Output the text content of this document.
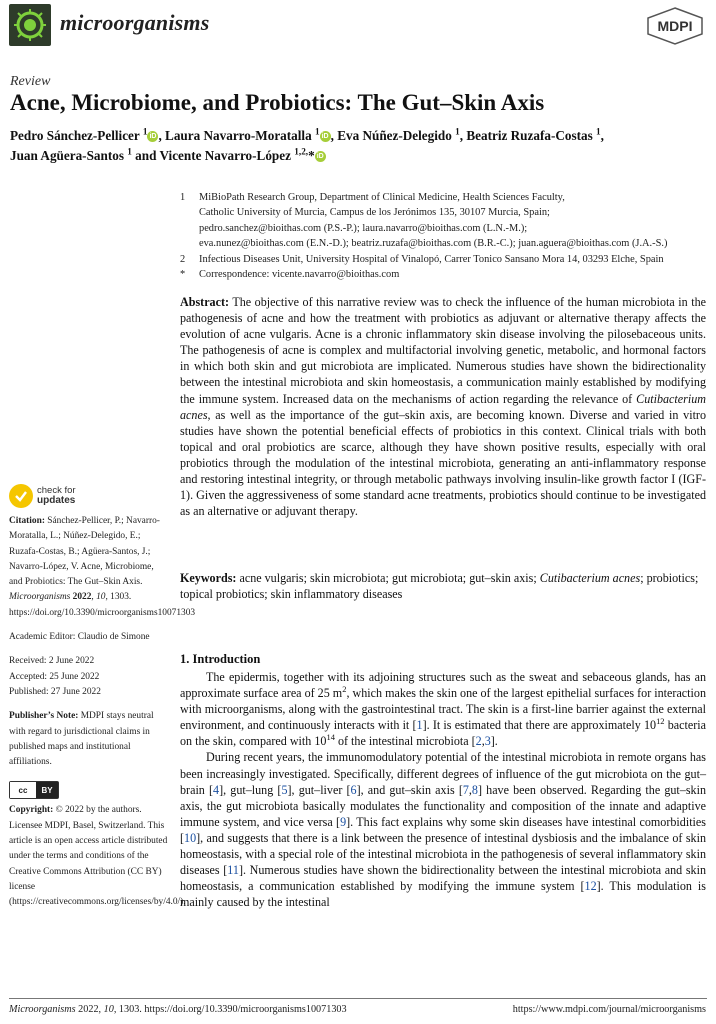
microorganisms	MDPI
Review
Acne, Microbiome, and Probiotics: The Gut–Skin Axis
Pedro Sánchez-Pellicer $^1$ iD , Laura Navarro-Moratalla $^1$ iD , Eva Núñez-Delegido $^1$, Beatriz Ruzafa-Costas $^1$,
Juan Agüera-Santos $^1$ and Vicente Navarro-López $^{1,2,}$* iD
1	MiBioPath Research Group, Department of Clinical Medicine, Health Sciences Faculty,
Catholic University of Murcia, Campus de los Jerónimos 135, 30107 Murcia, Spain;
pedro.sanchez@bioithas.com (P.S.-P.); laura.navarro@bioithas.com (L.N.-M.);
eva.nunez@bioithas.com (E.N.-D.); beatriz.ruzafa@bioithas.com (B.R.-C.); juan.aguera@bioithas.com (J.A.-S.)
2	Infectious Diseases Unit, University Hospital of Vinalopó, Carrer Tonico Sansano Mora 14, 03293 Elche, Spain
*	Correspondence: vicente.navarro@bioithas.com
Abstract: The objective of this narrative review was to check the influence of the human microbiota in the pathogenesis of acne and how the treatment with probiotics as adjuvant or alternative therapy affects the evolution of acne vulgaris. Acne is a chronic inflammatory skin disease involving the pilosebaceous units. The pathogenesis of acne is complex and multifactorial involving genetic, metabolic, and hormonal factors in which both skin and gut microbiota are implicated. Numerous studies have shown the bidirectionality between the intestinal microbiota and skin homeostasis, a communication mainly established by modifying the immune system. Increased data on the mechanisms of action regarding the relevance of Cutibacterium acnes, as well as the importance of the gut–skin axis, are becoming known. Diverse and varied in vitro studies have shown the potential beneficial effects of probiotics in this context. Clinical trials with both topical and oral probiotics are scarce, although they have shown positive results, especially with oral probiotics through the modulation of the intestinal microbiota, generating an anti-inflammatory response and restoring intestinal integrity, or through metabolic pathways involving insulin-like growth factor I (IGF-1). Given the aggressiveness of some standard acne treatments, probiotics should continue to be investigated as an alternative or adjuvant therapy.
Keywords: acne vulgaris; skin microbiota; gut microbiota; gut–skin axis; Cutibacterium acnes; probiotics; topical probiotics; skin inflammatory diseases
check for
updates

Citation: Sánchez-Pellicer, P.; Navarro-Moratalla, L.; Núñez-Delegido, E.; Ruzafa-Costas, B.; Agüera-Santos, J.; Navarro-López, V. Acne, Microbiome, and Probiotics: The Gut–Skin Axis. Microorganisms 2022, 10, 1303. https://doi.org/10.3390/microorganisms10071303

Academic Editor: Claudio de Simone

Received: 2 June 2022
Accepted: 25 June 2022
Published: 27 June 2022

Publisher’s Note: MDPI stays neutral with regard to jurisdictional claims in published maps and institutional affiliations.

cc	BY

Copyright: © 2022 by the authors. Licensee MDPI, Basel, Switzerland. This article is an open access article distributed under the terms and conditions of the Creative Commons Attribution (CC BY) license (https://creativecommons.org/licenses/by/4.0/).

1. Introduction

The epidermis, together with its adjoining structures such as the sweat and sebaceous glands, has an approximate surface area of 25 $m^2$, which makes the skin one of the largest epithelial surfaces for interaction with microorganisms, along with the gastrointestinal tract. The skin is a first-line barrier against the external environment, and continuously interacts with it [1]. It is estimated that there are approximately $10^{12}$ bacteria on the skin, compared with $10^{14}$ of the intestinal microbiota [2,3].

During recent years, the immunomodulatory potential of the intestinal microbiota in remote organs has been increasingly investigated. Specifically, different degrees of influence of the gut microbiota on the gut–brain [4], gut–lung [5], gut–liver [6], and gut–skin axis [7,8] have been observed. Regarding the gut–skin axis, the gut microbiota basically modulates the functionality and composition of the innate and adaptive immune system, and vice versa [9]. This fact explains why some skin diseases have intestinal comorbidities [10], and suggests that there is a link between the presence of intestinal dysbiosis and the imbalance of skin homeostasis, with a special role of the intestinal microbiota in the pathogenesis of several inflammatory skin diseases [11]. Numerous studies have shown the bidirectionality between the intestinal microbiota and skin homeostasis, a communication established by modifying the immune system [12]. This modulation is mainly caused by the intestinal

Microorganisms 2022, 10, 1303. https://doi.org/10.3390/microorganisms10071303	https://www.mdpi.com/journal/microorganisms
